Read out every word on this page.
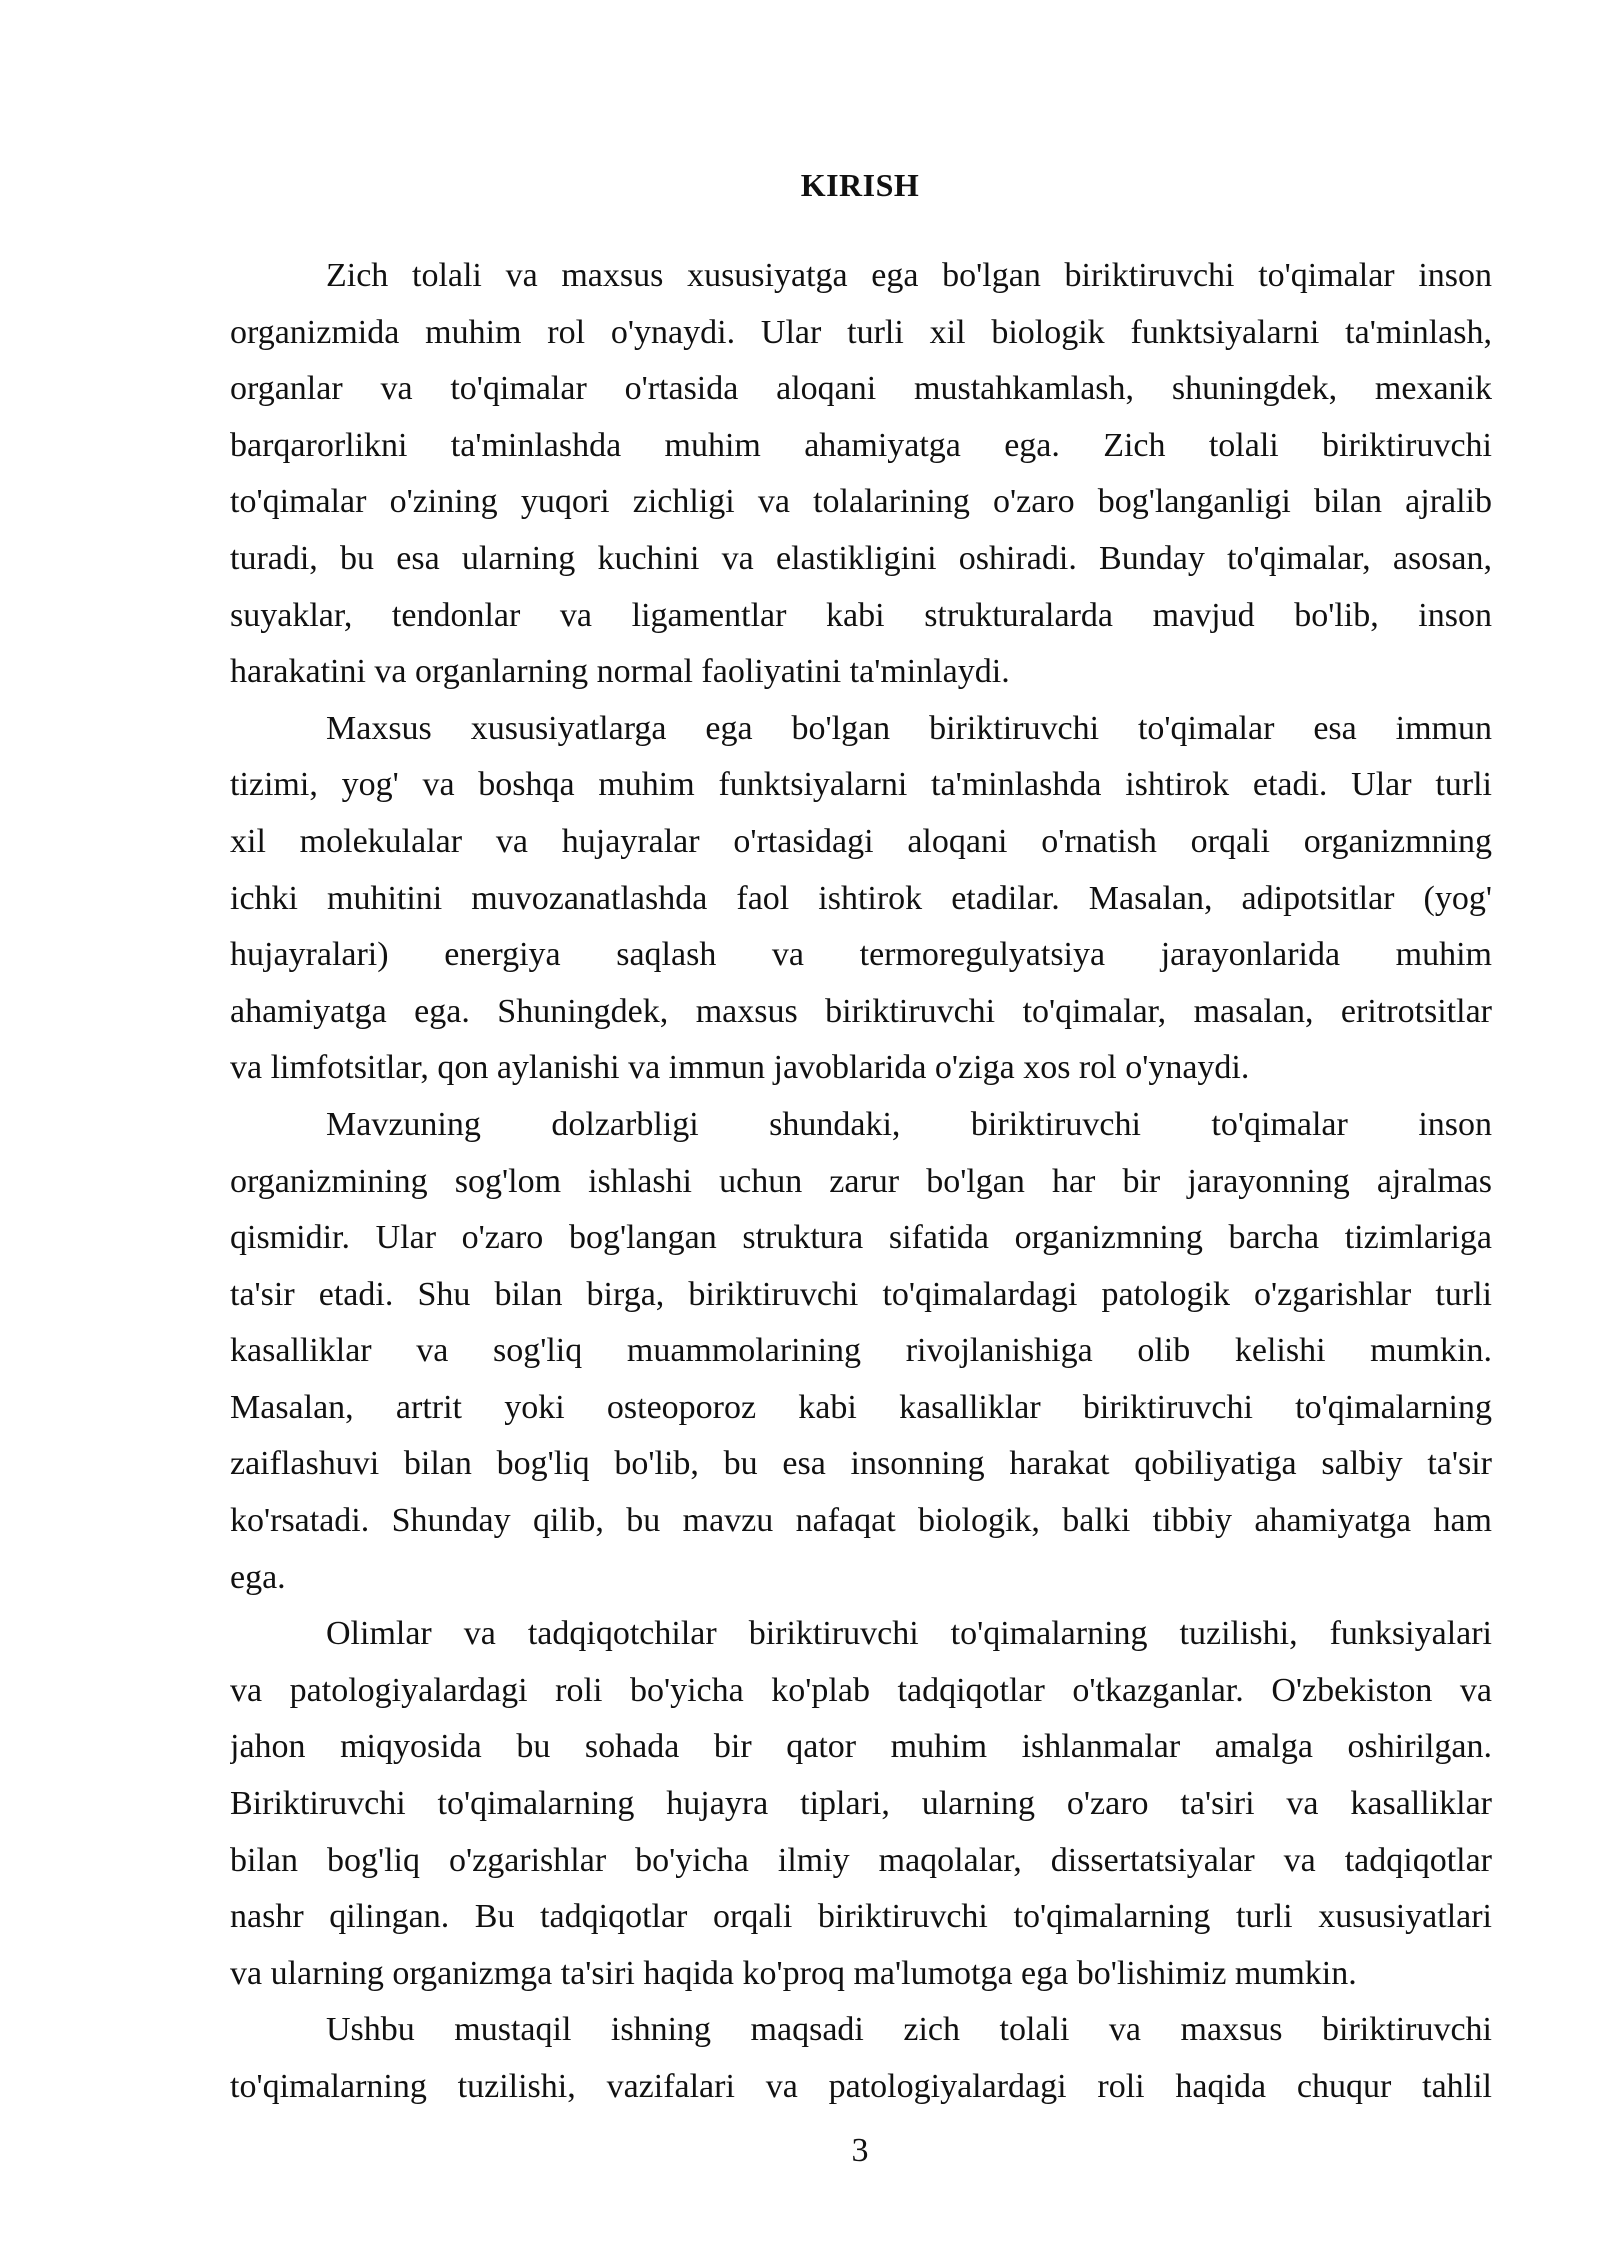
KIRISH
Zich tolali va maxsus xususiyatga ega bo'lgan biriktiruvchi to'qimalar inson
organizmida muhim rol o'ynaydi. Ular turli xil biologik funktsiyalarni ta'minlash,
organlar va to'qimalar o'rtasida aloqani mustahkamlash, shuningdek, mexanik
barqarorlikni ta'minlashda muhim ahamiyatga ega. Zich tolali biriktiruvchi
to'qimalar o'zining yuqori zichligi va tolalarining o'zaro bog'langanligi bilan ajralib
turadi, bu esa ularning kuchini va elastikligini oshiradi. Bunday to'qimalar, asosan,
suyaklar, tendonlar va ligamentlar kabi strukturalarda mavjud bo'lib, inson
harakatini va organlarning normal faoliyatini ta'minlaydi.
Maxsus xususiyatlarga ega bo'lgan biriktiruvchi to'qimalar esa immun
tizimi, yog' va boshqa muhim funktsiyalarni ta'minlashda ishtirok etadi. Ular turli
xil molekulalar va hujayralar o'rtasidagi aloqani o'rnatish orqali organizmning
ichki muhitini muvozanatlashda faol ishtirok etadilar. Masalan, adipotsitlar (yog'
hujayralari) energiya saqlash va termoregulyatsiya jarayonlarida muhim
ahamiyatga ega. Shuningdek, maxsus biriktiruvchi to'qimalar, masalan, eritrotsitlar
va limfotsitlar, qon aylanishi va immun javoblarida o'ziga xos rol o'ynaydi.
Mavzuning dolzarbligi shundaki, biriktiruvchi to'qimalar inson
organizmining sog'lom ishlashi uchun zarur bo'lgan har bir jarayonning ajralmas
qismidir. Ular o'zaro bog'langan struktura sifatida organizmning barcha tizimlariga
ta'sir etadi. Shu bilan birga, biriktiruvchi to'qimalardagi patologik o'zgarishlar turli
kasalliklar va sog'liq muammolarining rivojlanishiga olib kelishi mumkin.
Masalan, artrit yoki osteoporoz kabi kasalliklar biriktiruvchi to'qimalarning
zaiflashuvi bilan bog'liq bo'lib, bu esa insonning harakat qobiliyatiga salbiy ta'sir
ko'rsatadi. Shunday qilib, bu mavzu nafaqat biologik, balki tibbiy ahamiyatga ham
ega.
Olimlar va tadqiqotchilar biriktiruvchi to'qimalarning tuzilishi, funksiyalari
va patologiyalardagi roli bo'yicha ko'plab tadqiqotlar o'tkazganlar. O'zbekiston va
jahon miqyosida bu sohada bir qator muhim ishlanmalar amalga oshirilgan.
Biriktiruvchi to'qimalarning hujayra tiplari, ularning o'zaro ta'siri va kasalliklar
bilan bog'liq o'zgarishlar bo'yicha ilmiy maqolalar, dissertatsiyalar va tadqiqotlar
nashr qilingan. Bu tadqiqotlar orqali biriktiruvchi to'qimalarning turli xususiyatlari
va ularning organizmga ta'siri haqida ko'proq ma'lumotga ega bo'lishimiz mumkin.
Ushbu mustaqil ishning maqsadi zich tolali va maxsus biriktiruvchi
to'qimalarning tuzilishi, vazifalari va patologiyalardagi roli haqida chuqur tahlil
3
